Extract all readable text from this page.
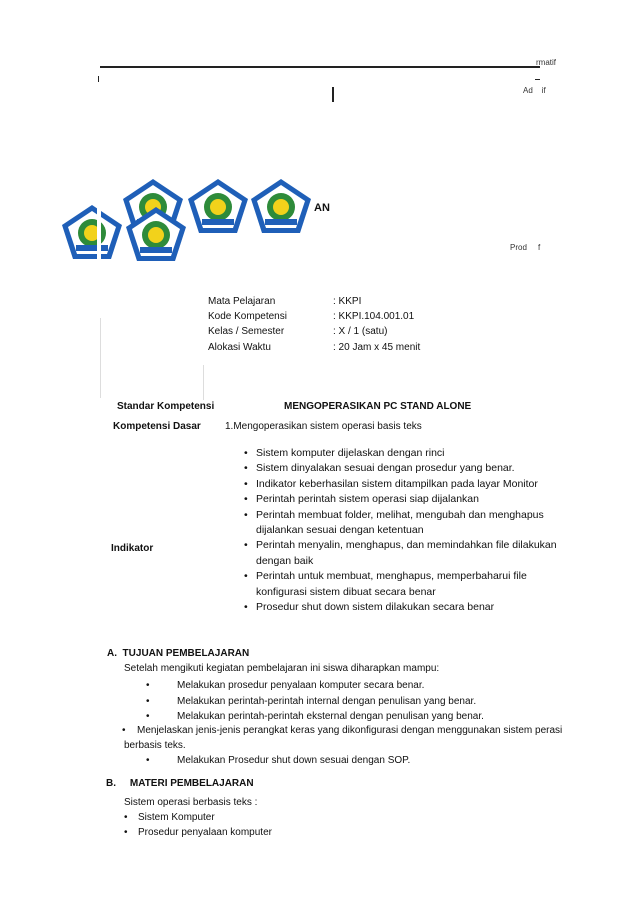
rmatif
Ad    if
AN
Prod     f
Mata Pelajaran	: KKPI
Kode Kompetensi	: KKPI.104.001.01
Kelas / Semester	: X / 1 (satu)
Alokasi Waktu	: 20 Jam x 45 menit
Standar Kompetensi	MENGOPERASIKAN PC STAND ALONE
Kompetensi Dasar 1.Mengoperasikan sistem operasi basis teks
Indikator
• Sistem komputer dijelaskan dengan rinci
• Sistem dinyalakan sesuai dengan prosedur yang benar.
• Indikator keberhasilan sistem ditampilkan pada layar Monitor
• Perintah perintah sistem operasi siap dijalankan
• Perintah membuat folder, melihat, mengubah dan menghapus dijalankan sesuai dengan ketentuan
• Perintah menyalin, menghapus, dan memindahkan file dilakukan dengan baik
• Perintah untuk membuat, menghapus, memperbaharui file konfigurasi sistem dibuat secara benar
• Prosedur shut down sistem dilakukan secara benar
A.  TUJUAN PEMBELAJARAN
Setelah mengikuti kegiatan pembelajaran ini siswa diharapkan mampu:
•	Melakukan prosedur penyalaan komputer secara benar.
•	Melakukan perintah-perintah internal dengan penulisan yang benar.
•	Melakukan perintah-perintah eksternal dengan penulisan yang benar.
• Menjelaskan jenis-jenis perangkat keras yang dikonfigurasi dengan menggunakan sistem perasi
berbasis teks.
•	Melakukan Prosedur shut down sesuai dengan SOP.
B.     MATERI PEMBELAJARAN
Sistem operasi berbasis teks :
• Sistem Komputer
• Prosedur penyalaan komputer
